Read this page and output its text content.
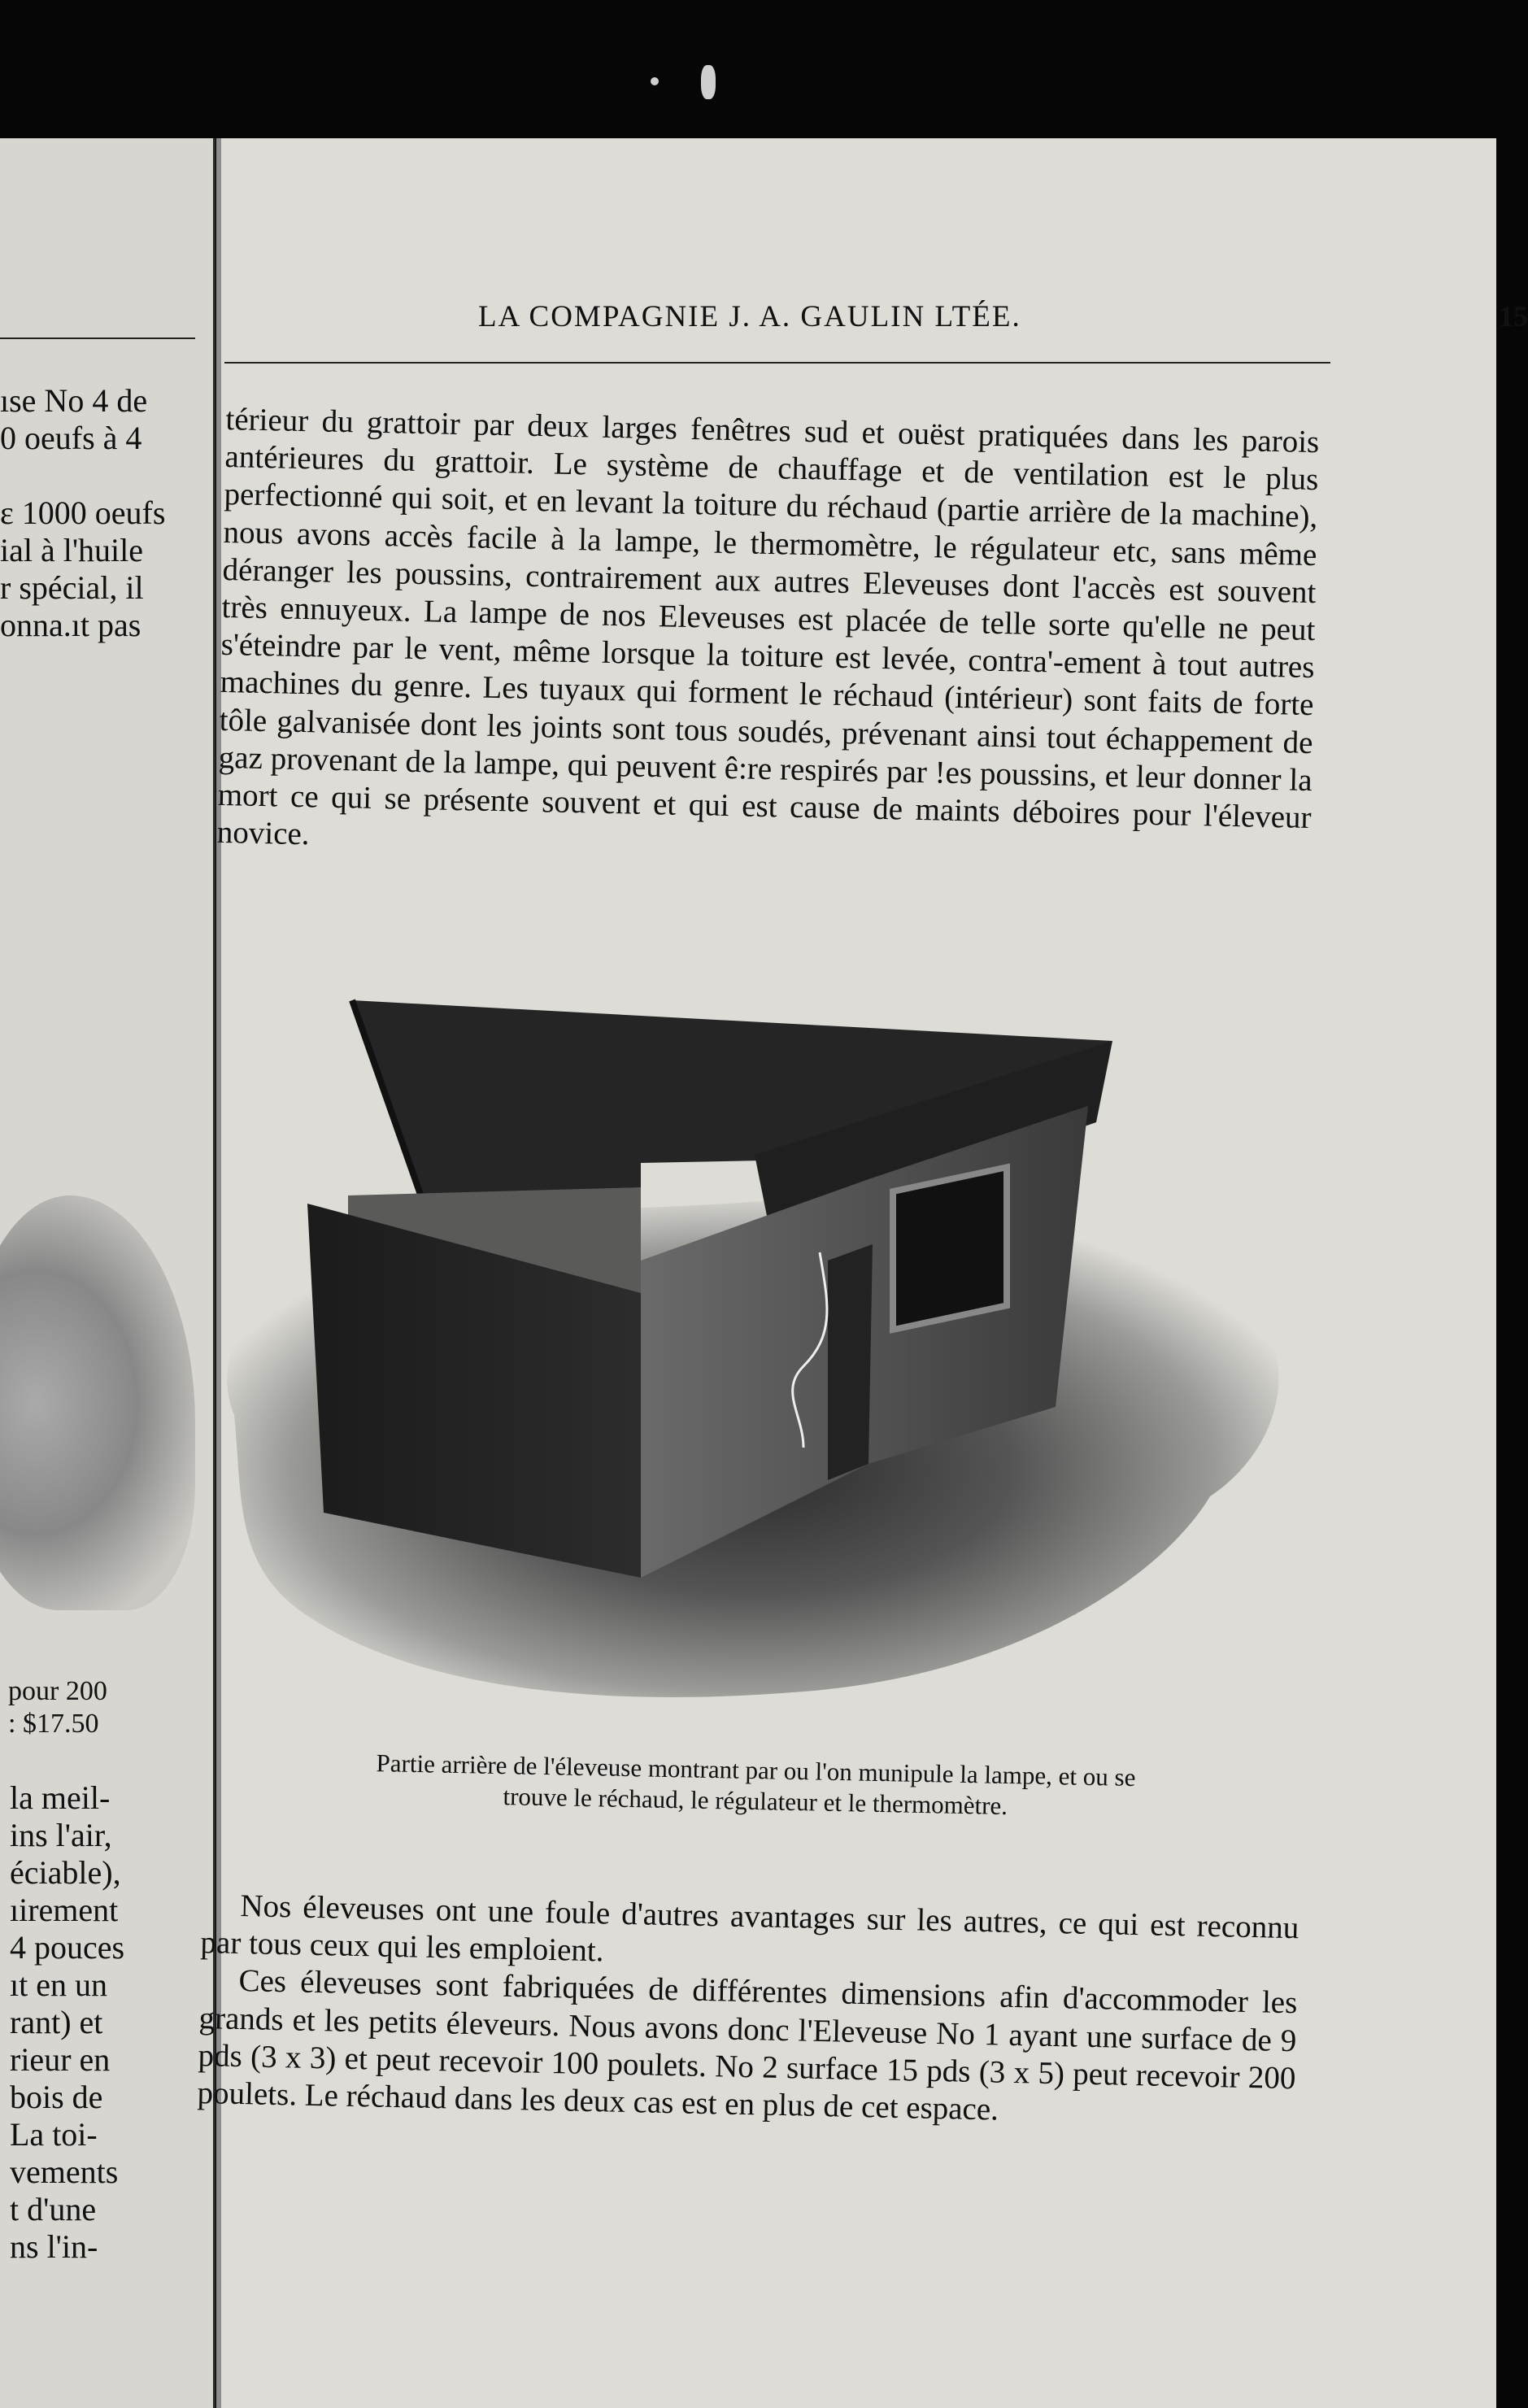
ıse No 4 de
0 oeufs à 4
ε 1000 oeufs
ial à l'huile
r spécial, il
onna.ıt pas
pour 200
: $17.50
la meil-
ins l'air,
éciable),
ıirement
4 pouces
ıt en un
rant) et
rieur en
bois de
La toi-
vements
t d'une
ns l'in-
LA COMPAGNIE J. A. GAULIN LTÉE.	15

térieur du grattoir par deux larges fenêtres sud et ouëst pratiquées dans les parois antérieures du grattoir. Le système de chauffage et de ventilation est le plus perfectionné qui soit, et en levant la toiture du réchaud (partie arrière de la machine), nous avons accès facile à la lampe, le thermomètre, le régulateur etc, sans même déranger les poussins, contrairement aux autres Eleveuses dont l'accès est souvent très ennuyeux. La lampe de nos Eleveuses est placée de telle sorte qu'elle ne peut s'éteindre par le vent, même lorsque la toiture est levée, contra'-ement à tout autres machines du genre. Les tuyaux qui forment le réchaud (intérieur) sont faits de forte tôle galvanisée dont les joints sont tous soudés, prévenant ainsi tout échappement de gaz provenant de la lampe, qui peuvent ê:re respirés par !es poussins, et leur donner la mort ce qui se présente souvent et qui est cause de maints déboires pour l'éleveur novice.

Partie arrière de l'éleveuse montrant par ou l'on munipule la lampe, et ou se

trouve le réchaud, le régulateur et le thermomètre.

Nos éleveuses ont une foule d'autres avantages sur les autres, ce qui est reconnu par tous ceux qui les emploient.

Ces éleveuses sont fabriquées de différentes dimensions afin d'accommoder les grands et les petits éleveurs. Nous avons donc l'Eleveuse No 1 ayant une surface de 9 pds (3 x 3) et peut recevoir 100 poulets. No 2 surface 15 pds (3 x 5) peut recevoir 200 poulets. Le réchaud dans les deux cas est en plus de cet espace.
